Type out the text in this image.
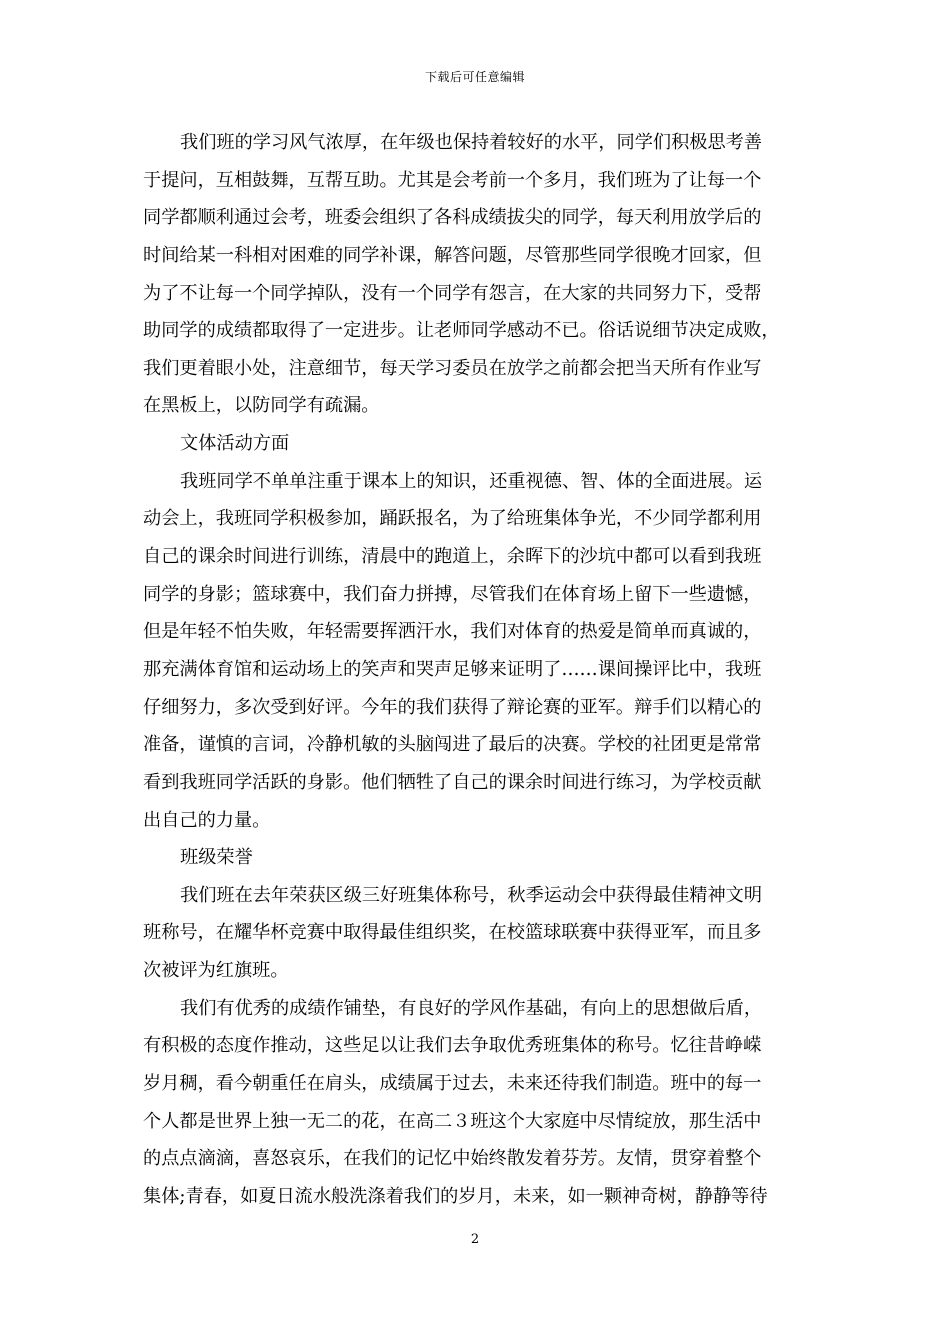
下载后可任意编辑
我们班的学习风气浓厚，在年级也保持着较好的水平，同学们积极思考善
于提问，互相鼓舞，互帮互助。尤其是会考前一个多月，我们班为了让每一个
同学都顺利通过会考，班委会组织了各科成绩拔尖的同学，每天利用放学后的
时间给某一科相对困难的同学补课，解答问题，尽管那些同学很晚才回家，但
为了不让每一个同学掉队，没有一个同学有怨言，在大家的共同努力下，受帮
助同学的成绩都取得了一定进步。让老师同学感动不已。俗话说细节决定成败，
我们更着眼小处，注意细节，每天学习委员在放学之前都会把当天所有作业写
在黑板上，以防同学有疏漏。
文体活动方面
我班同学不单单注重于课本上的知识，还重视德、智、体的全面进展。运
动会上，我班同学积极参加，踊跃报名，为了给班集体争光，不少同学都利用
自己的课余时间进行训练，清晨中的跑道上，余晖下的沙坑中都可以看到我班
同学的身影；篮球赛中，我们奋力拼搏，尽管我们在体育场上留下一些遗憾，
但是年轻不怕失败，年轻需要挥洒汗水，我们对体育的热爱是简单而真诚的，
那充满体育馆和运动场上的笑声和哭声足够来证明了……课间操评比中，我班
仔细努力，多次受到好评。今年的我们获得了辩论赛的亚军。辩手们以精心的
准备，谨慎的言词，冷静机敏的头脑闯进了最后的决赛。学校的社团更是常常
看到我班同学活跃的身影。他们牺牲了自己的课余时间进行练习，为学校贡献
出自己的力量。
班级荣誉
我们班在去年荣获区级三好班集体称号，秋季运动会中获得最佳精神文明
班称号，在耀华杯竞赛中取得最佳组织奖，在校篮球联赛中获得亚军，而且多
次被评为红旗班。
我们有优秀的成绩作铺垫，有良好的学风作基础，有向上的思想做后盾，
有积极的态度作推动，这些足以让我们去争取优秀班集体的称号。忆往昔峥嵘
岁月稠，看今朝重任在肩头，成绩属于过去，未来还待我们制造。班中的每一
个人都是世界上独一无二的花，在高二３班这个大家庭中尽情绽放，那生活中
的点点滴滴，喜怒哀乐，在我们的记忆中始终散发着芬芳。友情，贯穿着整个
集体;青春，如夏日流水般洗涤着我们的岁月，未来，如一颗神奇树，静静等待
2
